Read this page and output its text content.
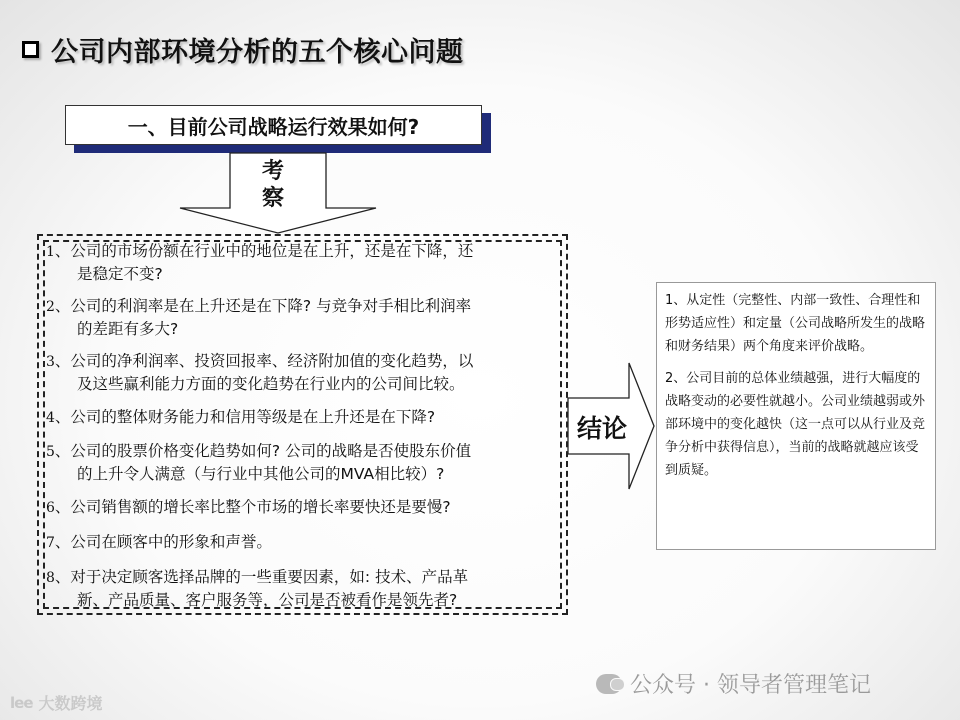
公司内部环境分析的五个核心问题
一、目前公司战略运行效果如何?
考
察
1、公司的市场份额在行业中的地位是在上升，还是在下降，还
是稳定不变?
2、公司的利润率是在上升还是在下降? 与竞争对手相比利润率
的差距有多大?
3、公司的净利润率、投资回报率、经济附加值的变化趋势，以
及这些赢利能力方面的变化趋势在行业内的公司间比较。
4、公司的整体财务能力和信用等级是在上升还是在下降?
5、公司的股票价格变化趋势如何? 公司的战略是否使股东价值
的上升令人满意（与行业中其他公司的MVA相比较）?
6、公司销售额的增长率比整个市场的增长率要快还是要慢?
7、公司在顾客中的形象和声誉。
8、对于决定顾客选择品牌的一些重要因素，如: 技术、产品革
新、产品质量、客户服务等，公司是否被看作是领先者?
结论

1、从定性（完整性、内部一致性、合理性和形势适应性）和定量（公司战略所发生的战略和财务结果）两个角度来评价战略。

2、公司目前的总体业绩越强，进行大幅度的战略变动的必要性就越小。公司业绩越弱或外部环境中的变化越快（这一点可以从行业及竞争分析中获得信息），当前的战略就越应该受到质疑。

公众号 · 领导者管理笔记
lee 大数跨境
